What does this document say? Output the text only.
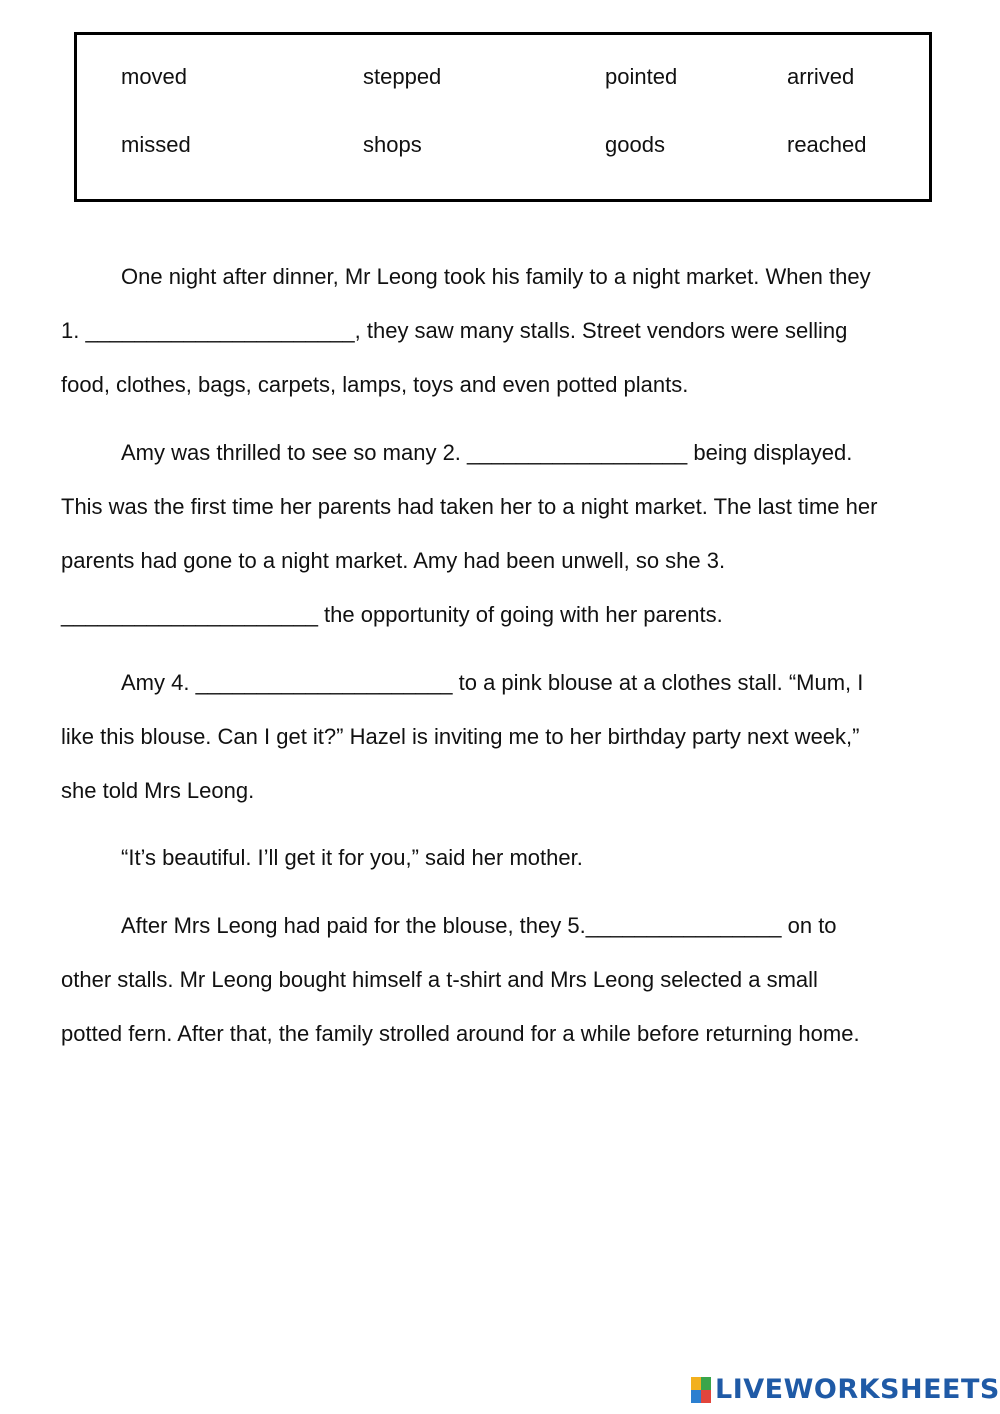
moved	stepped	pointed	arrived
missed	shops	goods	reached
One night after dinner, Mr Leong took his family to a night market. When they
1. ______________________, they saw many stalls. Street vendors were selling
food, clothes, bags, carpets, lamps, toys and even potted plants.
Amy was thrilled to see so many 2. __________________ being displayed.
This was the first time her parents had taken her to a night market. The last time her
parents had gone to a night market. Amy had been unwell, so she 3.
_____________________ the opportunity of going with her parents.
Amy 4. _____________________ to a pink blouse at a clothes stall. “Mum, I
like this blouse. Can I get it?” Hazel is inviting me to her birthday party next week,”
she told Mrs Leong.
“It’s beautiful. I’ll get it for you,” said her mother.
After Mrs Leong had paid for the blouse, they 5.________________ on to
other stalls. Mr Leong bought himself a t-shirt and Mrs Leong selected a small
potted fern. After that, the family strolled around for a while before returning home.
LIVEWORKSHEETS
